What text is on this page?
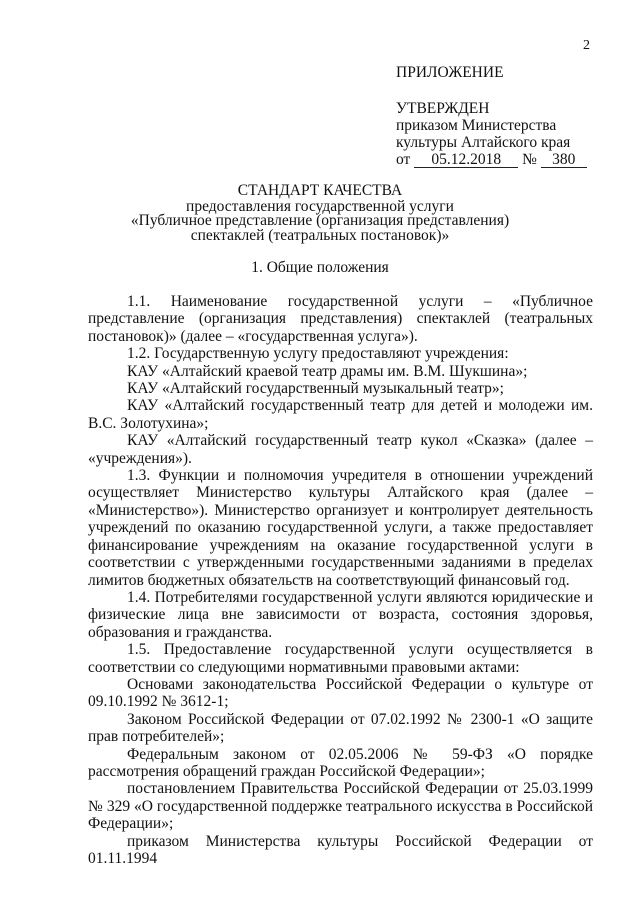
2
ПРИЛОЖЕНИЕ
УТВЕРЖДЕН
приказом Министерства
культуры Алтайского края
от 05.12.2018 № 380
СТАНДАРТ КАЧЕСТВА
предоставления государственной услуги
«Публичное представление (организация представления)
спектаклей (театральных постановок)»
1. Общие положения

1.1. Наименование государственной услуги – «Публичное представление (организация представления) спектаклей (театральных постановок)» (далее – «государственная услуга»).

1.2. Государственную услугу предоставляют учреждения:

КАУ «Алтайский краевой театр драмы им. В.М. Шукшина»;

КАУ «Алтайский государственный музыкальный театр»;

КАУ «Алтайский государственный театр для детей и молодежи им. В.С. Золотухина»;

КАУ «Алтайский государственный театр кукол «Сказка» (далее – «учреждения»).

1.3. Функции и полномочия учредителя в отношении учреждений осуществляет Министерство культуры Алтайского края (далее – «Министерство»). Министерство организует и контролирует деятельность учреждений по оказанию государственной услуги, а также предоставляет финансирование учреждениям на оказание государственной услуги в соответствии с утвержденными государственными заданиями в пределах лимитов бюджетных обязательств на соответствующий финансовый год.

1.4. Потребителями государственной услуги являются юридические и физические лица вне зависимости от возраста, состояния здоровья, образования и гражданства.

1.5. Предоставление государственной услуги осуществляется в соответствии со следующими нормативными правовыми актами:

Основами законодательства Российской Федерации о культуре от 09.10.1992 № 3612-1;

Законом Российской Федерации от 07.02.1992 № 2300-1 «О защите прав потребителей»;

Федеральным законом от 02.05.2006 № 59-ФЗ «О порядке рассмотрения обращений граждан Российской Федерации»;

постановлением Правительства Российской Федерации от 25.03.1999 № 329 «О государственной поддержке театрального искусства в Российской Федерации»;

приказом Министерства культуры Российской Федерации от 01.11.1994
